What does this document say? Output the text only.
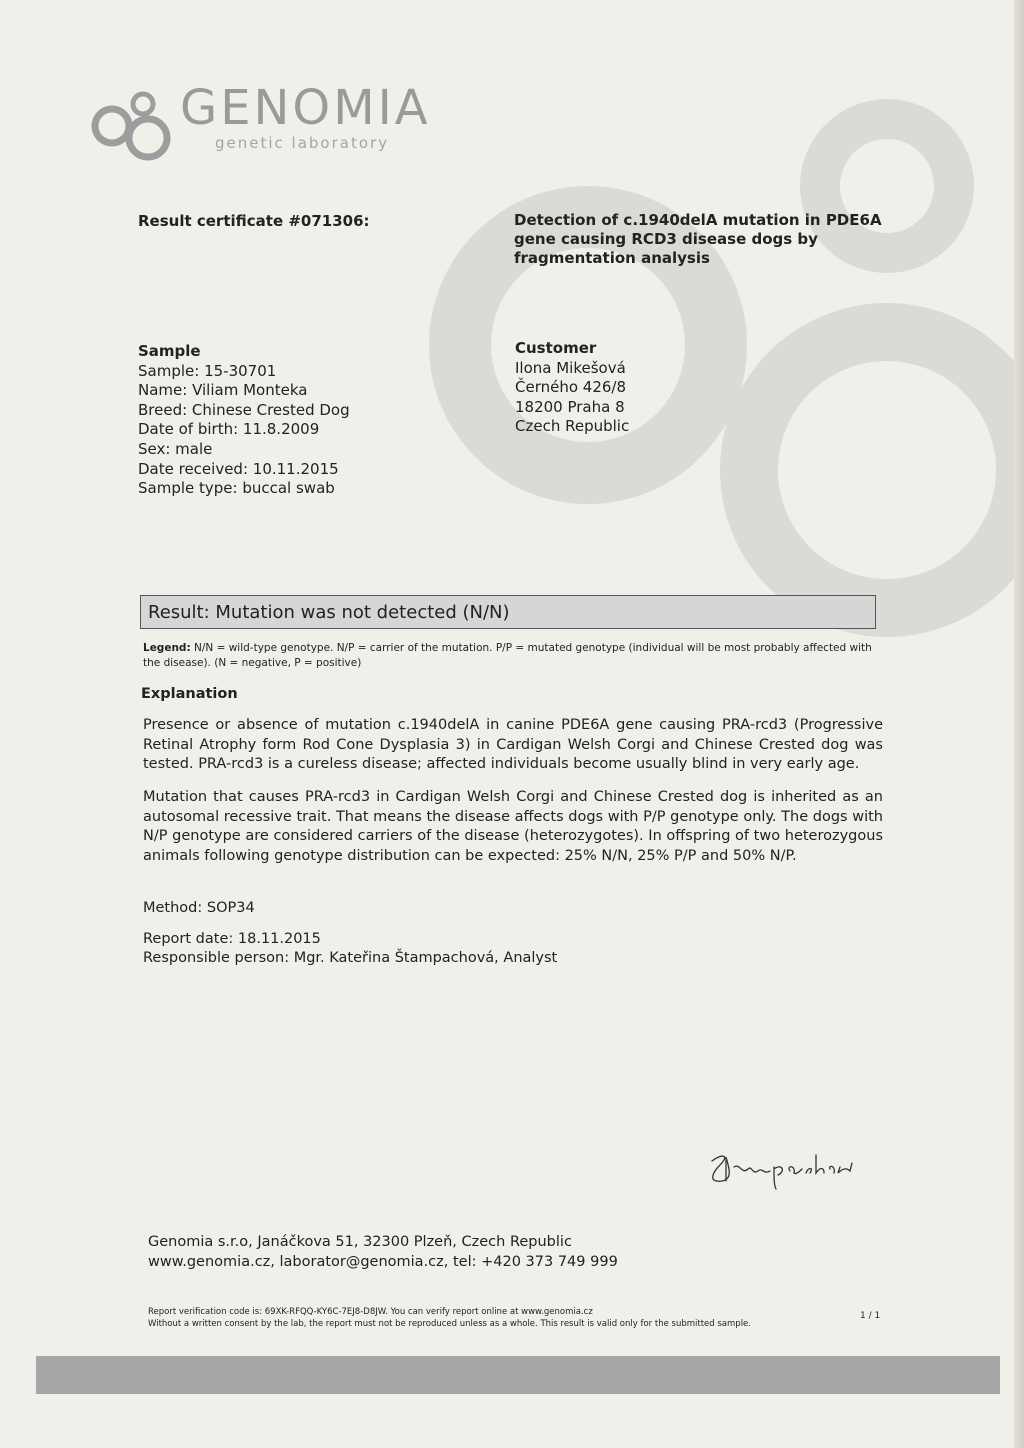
GENOMIA
genetic laboratory
Result certificate #071306:	Detection of c.1940delA mutation in PDE6A
gene causing RCD3 disease dogs by
fragmentation analysis
Sample
Sample: 15-30701
Name: Viliam Monteka
Breed: Chinese Crested Dog
Date of birth: 11.8.2009
Sex: male
Date received: 10.11.2015
Sample type: buccal swab
Customer
Ilona Mikešová
Černého 426/8
18200 Praha 8
Czech Republic
Result: Mutation was not detected (N/N)
Legend: N/N = wild-type genotype. N/P = carrier of the mutation. P/P = mutated genotype (individual will be most probably affected with the disease). (N = negative, P = positive)
Explanation
Presence or absence of mutation c.1940delA in canine PDE6A gene causing PRA-rcd3 (Progressive Retinal Atrophy form Rod Cone Dysplasia 3) in Cardigan Welsh Corgi and Chinese Crested dog was tested. PRA-rcd3 is a cureless disease; affected individuals become usually blind in very early age.
Mutation that causes PRA-rcd3 in Cardigan Welsh Corgi and Chinese Crested dog is inherited as an autosomal recessive trait. That means the disease affects dogs with P/P genotype only. The dogs with N/P genotype are considered carriers of the disease (heterozygotes). In offspring of two heterozygous animals following genotype distribution can be expected: 25% N/N, 25% P/P and 50% N/P.
Method: SOP34
Report date: 18.11.2015
Responsible person: Mgr. Kateřina Štampachová, Analyst
Genomia s.r.o, Janáčkova 51, 32300 Plzeň, Czech Republic
www.genomia.cz, laborator@genomia.cz, tel: +420 373 749 999
Report verification code is: 69XK-RFQQ-KY6C-7EJ8-D8JW. You can verify report online at www.genomia.cz
Without a written consent by the lab, the report must not be reproduced unless as a whole. This result is valid only for the submitted sample.
1 / 1
